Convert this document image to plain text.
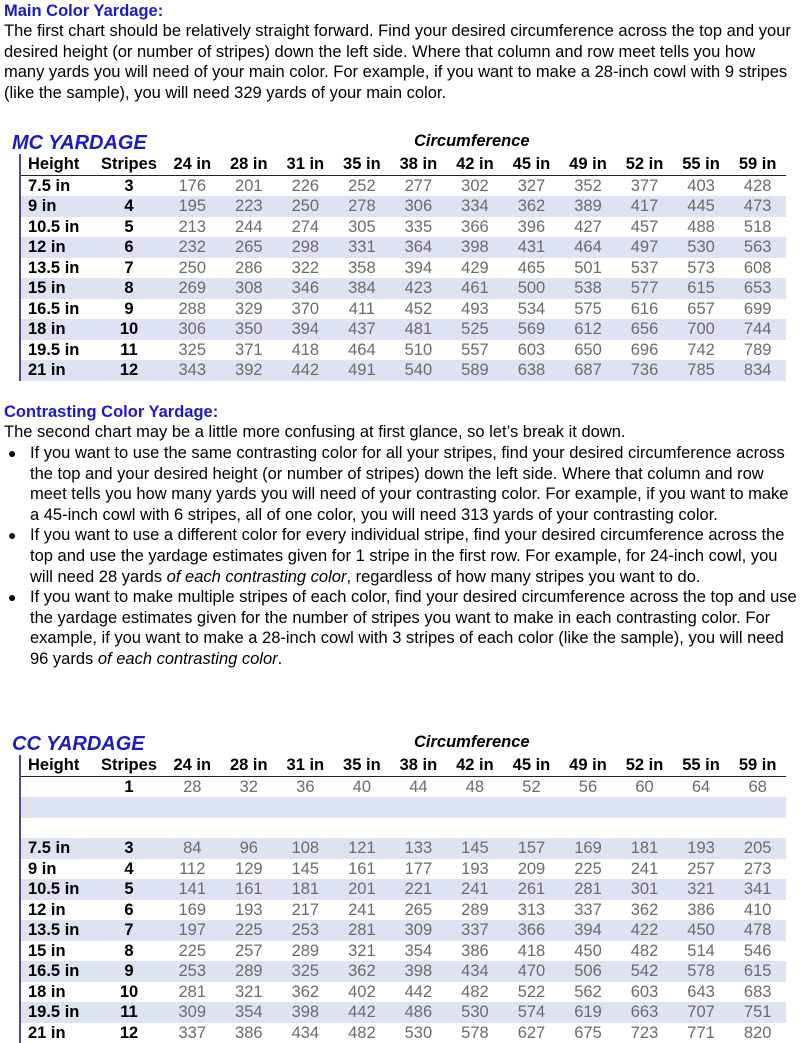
Main Color Yardage:

The first chart should be relatively straight forward. Find your desired circumference across the top and your desired height (or number of stripes) down the left side. Where that column and row meet tells you how many yards you will need of your main color. For example, if you want to make a 28-inch cowl with 9 stripes (like the sample), you will need 329 yards of your main color.

MC YARDAGE	Circumference
Height	Stripes	24 in	28 in	31 in	35 in	38 in	42 in	45 in	49 in	52 in	55 in	59 in
7.5 in	3	176	201	226	252	277	302	327	352	377	403	428
9 in	4	195	223	250	278	306	334	362	389	417	445	473
10.5 in	5	213	244	274	305	335	366	396	427	457	488	518
12 in	6	232	265	298	331	364	398	431	464	497	530	563
13.5 in	7	250	286	322	358	394	429	465	501	537	573	608
15 in	8	269	308	346	384	423	461	500	538	577	615	653
16.5 in	9	288	329	370	411	452	493	534	575	616	657	699
18 in	10	306	350	394	437	481	525	569	612	656	700	744
19.5 in	11	325	371	418	464	510	557	603	650	696	742	789
21 in	12	343	392	442	491	540	589	638	687	736	785	834
Contrasting Color Yardage:

The second chart may be a little more confusing at first glance, so let’s break it down.

● If you want to use the same contrasting color for all your stripes, find your desired circumference across the top and your desired height (or number of stripes) down the left side. Where that column and row meet tells you how many yards you will need of your contrasting color. For example, if you want to make a 45-inch cowl with 6 stripes, all of one color, you will need 313 yards of your contrasting color.
● If you want to use a different color for every individual stripe, find your desired circumference across the top and use the yardage estimates given for 1 stripe in the first row. For example, for 24-inch cowl, you will need 28 yards of each contrasting color, regardless of how many stripes you want to do.
● If you want to make multiple stripes of each color, find your desired circumference across the top and use the yardage estimates given for the number of stripes you want to make in each contrasting color. For example, if you want to make a 28-inch cowl with 3 stripes of each color (like the sample), you will need 96 yards of each contrasting color.
CC YARDAGE	Circumference
Height	Stripes	24 in	28 in	31 in	35 in	38 in	42 in	45 in	49 in	52 in	55 in	59 in
	1	28	32	36	40	44	48	52	56	60	64	68

7.5 in	3	84	96	108	121	133	145	157	169	181	193	205
9 in	4	112	129	145	161	177	193	209	225	241	257	273
10.5 in	5	141	161	181	201	221	241	261	281	301	321	341
12 in	6	169	193	217	241	265	289	313	337	362	386	410
13.5 in	7	197	225	253	281	309	337	366	394	422	450	478
15 in	8	225	257	289	321	354	386	418	450	482	514	546
16.5 in	9	253	289	325	362	398	434	470	506	542	578	615
18 in	10	281	321	362	402	442	482	522	562	603	643	683
19.5 in	11	309	354	398	442	486	530	574	619	663	707	751
21 in	12	337	386	434	482	530	578	627	675	723	771	820
